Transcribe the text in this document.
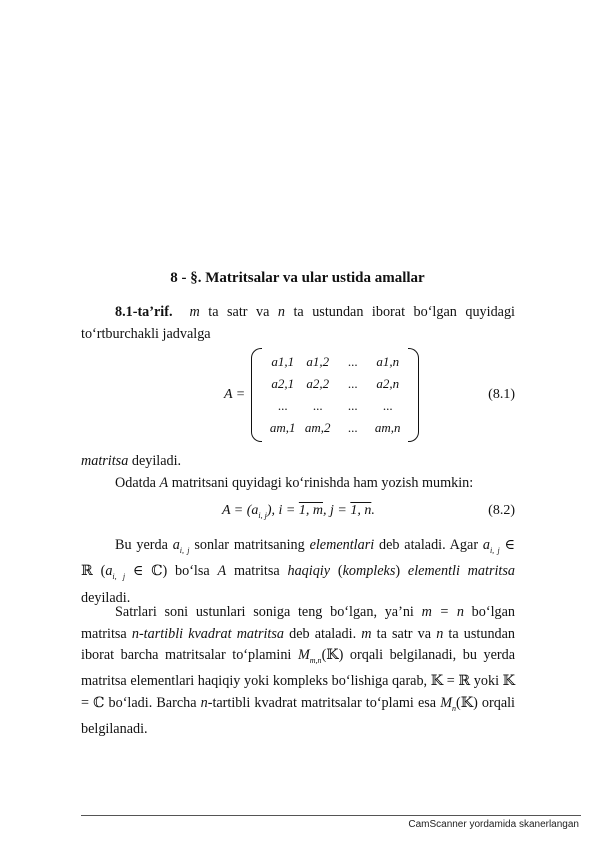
8 - §. Matritsalar va ular ustida amallar
8.1-ta’rif. m ta satr va n ta ustundan iborat bo‘lgan quyidagi to‘rtburchakli jadvalga
A =
a1,1 a1,2 ... a1,n
a2,1 a2,2 ... a2,n
... ... ... ...
am,1 am,2 ... am,n
(8.1)
matritsa deyiladi.
Odatda A matritsani quyidagi ko‘rinishda ham yozish mumkin:
$A = (a_{i, j})$, i = 1, m, j = 1, n.	(8.2)
Bu yerda $a_{i, j}$ sonlar matritsaning elementlari deb ataladi. Agar $a_{i, j}$ ∈ ℝ ($a_{i, j}$ ∈ ℂ) bo‘lsa A matritsa haqiqiy (kompleks) elementli matritsa deyiladi.
Satrlari soni ustunlari soniga teng bo‘lgan, ya’ni m = n bo‘lgan matritsa n-tartibli kvadrat matritsa deb ataladi. m ta satr va n ta ustundan iborat barcha matritsalar to‘plamini $M_{m,n}(𝕂)$ orqali belgilanadi, bu yerda matritsa elementlari haqiqiy yoki kompleks bo‘lishiga qarab, 𝕂 = ℝ yoki 𝕂 = ℂ bo‘ladi. Barcha n-tartibli kvadrat matritsalar to‘plami esa $M_n(𝕂)$ orqali belgilanadi.
CamScanner yordamida skanerlangan
